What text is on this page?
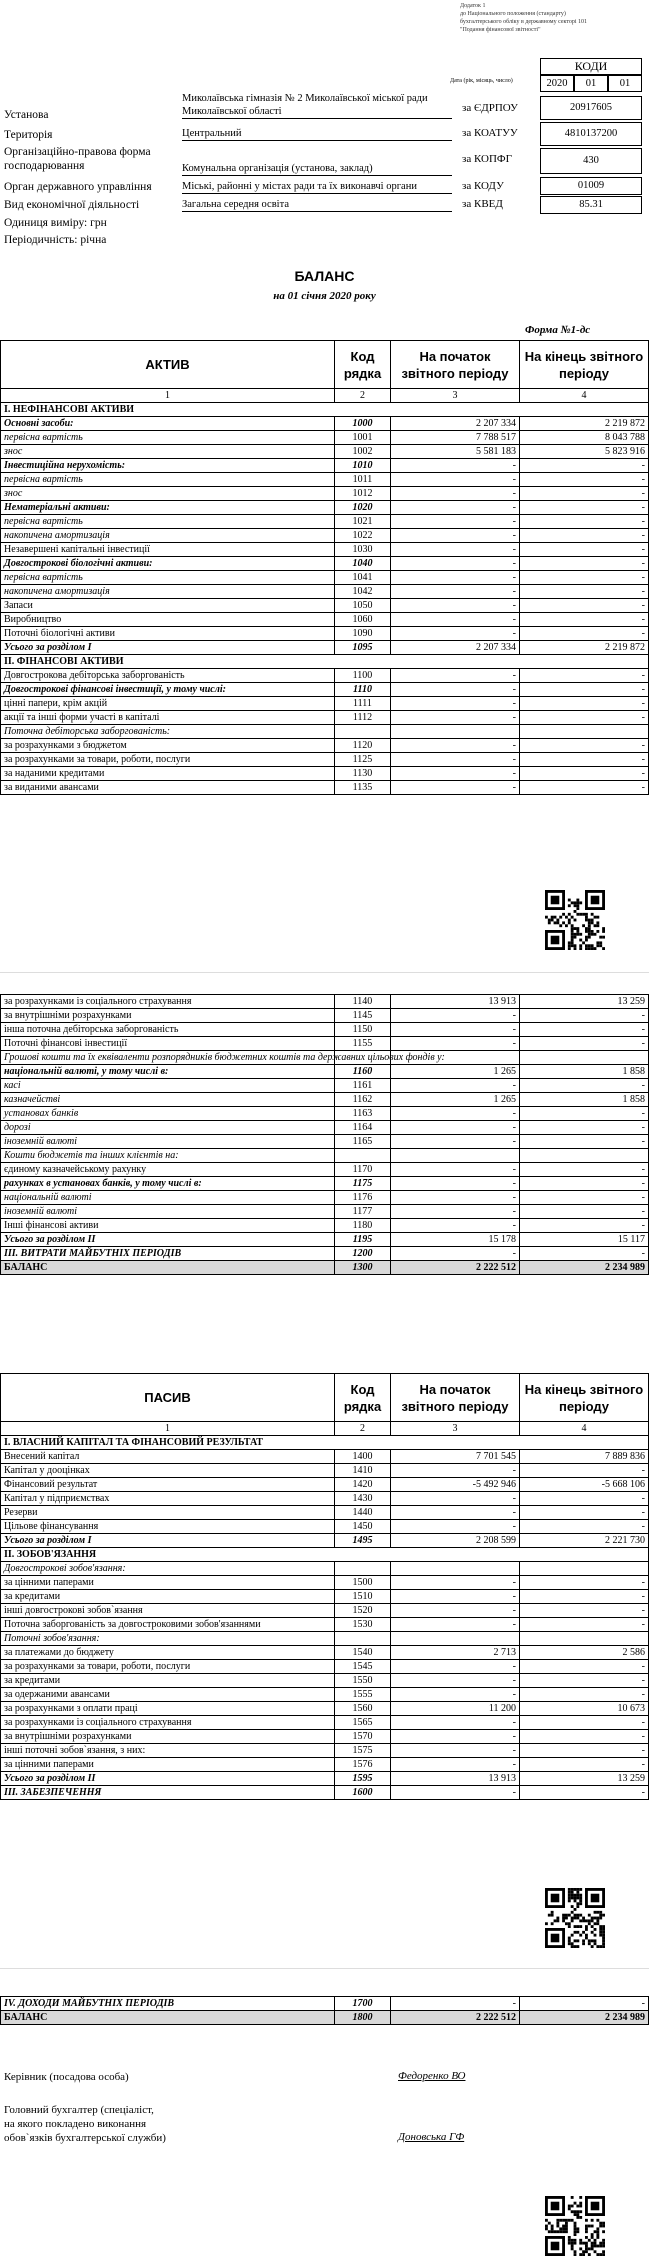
Додаток 1
до Національного положення (стандарту)
бухгалтерського обліку в державному секторі 101
"Подання фінансової звітності"
КОДИ
Дата (рік, місяць, число)	2020	01	01
Установа
Миколаївська гімназія № 2 Миколаївської міської ради Миколаївської області	за ЄДРПОУ	20917605
Територія	Центральний	за КОАТУУ	4810137200
Організаційно-правова форма господарювання	Комунальна організація (установа, заклад)
за КОПФГ	430
Орган державного управління	Міські, районні у містах ради та їх виконавчі органи	за КОДУ	01009
Вид економічної діяльності	Загальна середня освіта	за КВЕД	85.31
Одиниця виміру: грн
Періодичність: річна
БАЛАНС
на 01 січня 2020 року
Форма №1-дс
АКТИВ	Код рядка	На початок звітного періоду	На кінець звітного періоду
1	2	3	4
I. НЕФІНАНСОВІ АКТИВИ			
Основні засоби:	1000	2 207 334	2 219 872
первісна вартість	1001	7 788 517	8 043 788
знос	1002	5 581 183	5 823 916
Інвестиційна нерухомість:	1010	-	-
первісна вартість	1011	-	-
знос	1012	-	-
Нематеріальні активи:	1020	-	-
первісна вартість	1021	-	-
накопичена амортизація	1022	-	-
Незавершені капітальні інвестиції	1030	-	-
Довгострокові біологічні активи:	1040	-	-
первісна вартість	1041	-	-
накопичена амортизація	1042	-	-
Запаси	1050	-	-
Виробництво	1060	-	-
Поточні біологічні активи	1090	-	-
Усього за розділом I	1095	2 207 334	2 219 872
II. ФІНАНСОВІ АКТИВИ			
Довгострокова дебіторська заборгованість	1100	-	-
Довгострокові фінансові інвестиції, у тому числі:	1110	-	-
цінні папери, крім акцій	1111	-	-
акції та інші форми участі в капіталі	1112	-	-
Поточна дебіторська заборгованість:			
за розрахунками з бюджетом	1120	-	-
за розрахунками за товари, роботи, послуги	1125	-	-
за наданими кредитами	1130	-	-
за виданими авансами	1135	-	-
за розрахунками із соціального страхування	1140	13 913	13 259
за внутрішніми розрахунками	1145	-	-
інша поточна дебіторська заборгованість	1150	-	-
Поточні фінансові інвестиції	1155	-	-
Грошові кошти та їх еквіваленти розпорядників бюджетних коштів та державних цільових фондів у:			
національній валюті, у тому числі в:	1160	1 265	1 858
касі	1161	-	-
казначействі	1162	1 265	1 858
установах банків	1163	-	-
дорозі	1164	-	-
іноземній валюті	1165	-	-
Кошти бюджетів та інших клієнтів на:			
єдиному казначейському рахунку	1170	-	-
рахунках в установах банків, у тому числі в:	1175	-	-
національній валюті	1176	-	-
іноземній валюті	1177	-	-
Інші фінансові активи	1180	-	-
Усього за розділом II	1195	15 178	15 117
III. ВИТРАТИ МАЙБУТНІХ ПЕРІОДІВ	1200	-	-
БАЛАНС	1300	2 222 512	2 234 989
ПАСИВ	Код рядка	На початок звітного періоду	На кінець звітного періоду
1	2	3	4
I. ВЛАСНИЙ КАПІТАЛ ТА ФІНАНСОВИЙ РЕЗУЛЬТАТ			
Внесений капітал	1400	7 701 545	7 889 836
Капітал у дооцінках	1410	-	-
Фінансовий результат	1420	-5 492 946	-5 668 106
Капітал у підприємствах	1430	-	-
Резерви	1440	-	-
Цільове фінансування	1450	-	-
Усього за розділом I	1495	2 208 599	2 221 730
II. ЗОБОВ'ЯЗАННЯ			
Довгострокові зобов'язання:			
за цінними паперами	1500	-	-
за кредитами	1510	-	-
інші довгострокові зобов`язання	1520	-	-
Поточна заборгованість за довгостроковими зобов'язаннями	1530	-	-
Поточні зобов'язання:			
за платежами до бюджету	1540	2 713	2 586
за розрахунками за товари, роботи, послуги	1545	-	-
за кредитами	1550	-	-
за одержаними авансами	1555	-	-
за розрахунками з оплати праці	1560	11 200	10 673
за розрахунками із соціального страхування	1565	-	-
за внутрішніми розрахунками	1570	-	-
інші поточні зобов`язання, з них:	1575	-	-
за цінними паперами	1576	-	-
Усього за розділом II	1595	13 913	13 259
III. ЗАБЕЗПЕЧЕННЯ	1600	-	-
IV. ДОХОДИ МАЙБУТНІХ ПЕРІОДІВ	1700	-	-
БАЛАНС	1800	2 222 512	2 234 989
Керівник (посадова особа)	Федоренко ВО
Головний бухгалтер (спеціаліст,
на якого покладено виконання
обов`язків бухгалтерської служби)	Доновська ГФ
